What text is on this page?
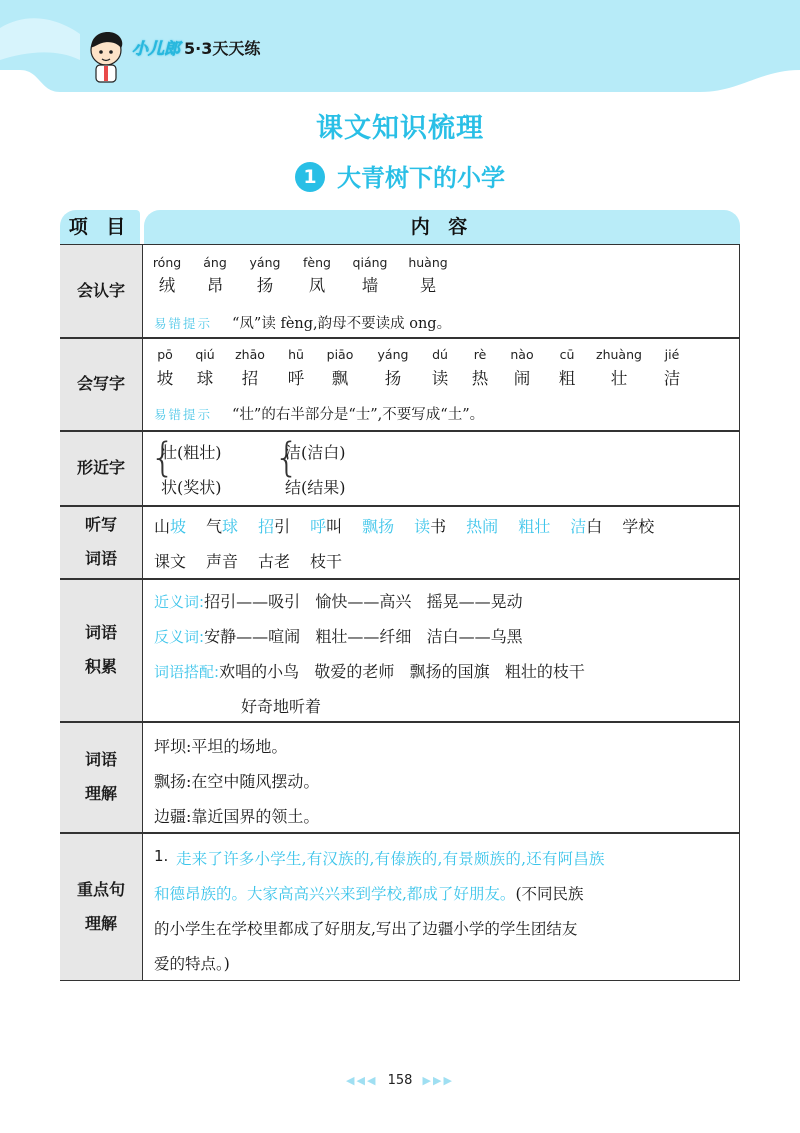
小儿郎 5·3天天练
课文知识梳理
1 大青树下的小学
项 目	内 容
会认字
会写字
形近字
听写
词语
词语
积累
词语
理解
重点句
理解
róng áng yáng fèng qiáng huàng
绒 昂 扬 凤 墙	晃
易错提示 “凤”读 fèng,韵母不要读成 ong。
pō qiú zhāo hū piāo yáng dú rè nào cū zhuàng jié
坡 球 招 呼 飘 扬 读 热 闹 粗 壮 洁
易错提示 “壮”的右半部分是“士”,不要写成“土”。
{
壮(粗壮)
状(奖状)
{
洁(洁白)
结(结果)
山坡 气球 招引 呼叫 飘扬 读书 热闹 粗壮 洁白 学校
课文 声音 古老 枝干
近义词:招引——吸引   愉快——高兴   摇晃——晃动
反义词:安静——喧闹   粗壮——纤细   洁白——乌黑
词语搭配:欢唱的小鸟   敬爱的老师   飘扬的国旗   粗壮的枝干
好奇地听着
坪坝:平坦的场地。
飘扬:在空中随风摆动。
边疆:靠近国界的领土。
1. 走来了许多小学生,有汉族的,有傣族的,有景颇族的,还有阿昌族
和德昂族的。大家高高兴兴来到学校,都成了好朋友。(不同民族
的小学生在学校里都成了好朋友,写出了边疆小学的学生团结友
爱的特点。)
◀◀◀ 158 ▶▶▶
